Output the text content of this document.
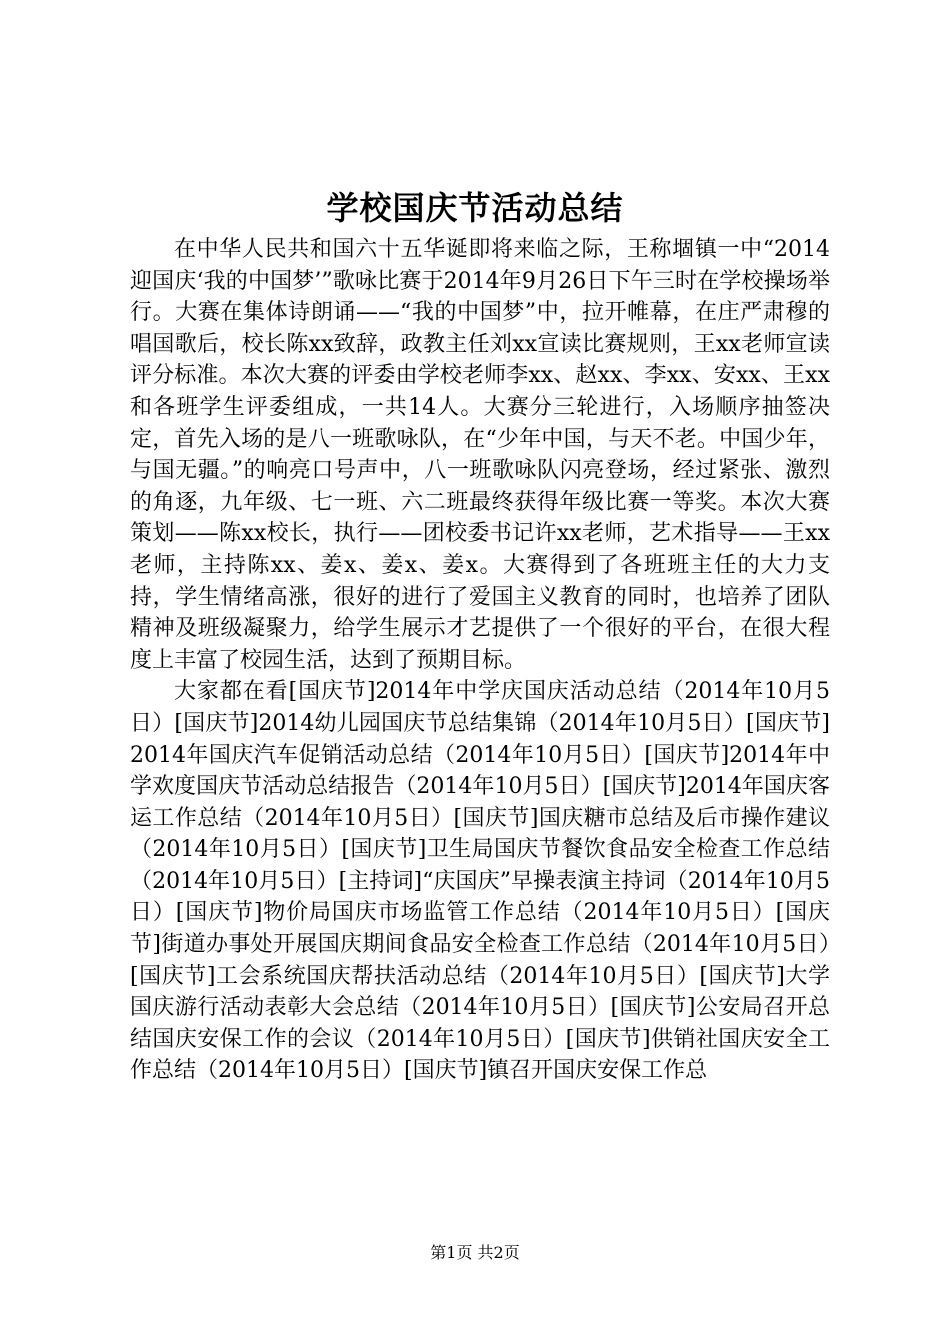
学校国庆节活动总结

在中华人民共和国六十五华诞即将来临之际，王称堌镇一中“2014迎国庆‘我的中国梦’”歌咏比赛于2014年9月26日下午三时在学校操场举行。大赛在集体诗朗诵——“我的中国梦”中，拉开帷幕，在庄严肃穆的唱国歌后，校长陈xx致辞，政教主任刘xx宣读比赛规则，王xx老师宣读评分标准。本次大赛的评委由学校老师李xx、赵xx、李xx、安xx、王xx和各班学生评委组成，一共14人。大赛分三轮进行，入场顺序抽签决定，首先入场的是八一班歌咏队，在“少年中国，与天不老。中国少年，与国无疆。”的响亮口号声中，八一班歌咏队闪亮登场，经过紧张、激烈的角逐，九年级、七一班、六二班最终获得年级比赛一等奖。本次大赛策划——陈xx校长，执行——团校委书记许xx老师，艺术指导——王xx老师，主持陈xx、姜x、姜x、姜x。大赛得到了各班班主任的大力支持，学生情绪高涨，很好的进行了爱国主义教育的同时，也培养了团队精神及班级凝聚力，给学生展示才艺提供了一个很好的平台，在很大程度上丰富了校园生活，达到了预期目标。

大家都在看[国庆节]2014年中学庆国庆活动总结（2014年10月5日）[国庆节]2014幼儿园国庆节总结集锦（2014年10月5日）[国庆节]2014年国庆汽车促销活动总结（2014年10月5日）[国庆节]2014年中学欢度国庆节活动总结报告（2014年10月5日）[国庆节]2014年国庆客运工作总结（2014年10月5日）[国庆节]国庆糖市总结及后市操作建议（2014年10月5日）[国庆节]卫生局国庆节餐饮食品安全检查工作总结（2014年10月5日）[主持词]“庆国庆”早操表演主持词（2014年10月5日）[国庆节]物价局国庆市场监管工作总结（2014年10月5日）[国庆节]街道办事处开展国庆期间食品安全检查工作总结（2014年10月5日）[国庆节]工会系统国庆帮扶活动总结（2014年10月5日）[国庆节]大学国庆游行活动表彰大会总结（2014年10月5日）[国庆节]公安局召开总结国庆安保工作的会议（2014年10月5日）[国庆节]供销社国庆安全工作总结（2014年10月5日）[国庆节]镇召开国庆安保工作总

第1页 共2页
